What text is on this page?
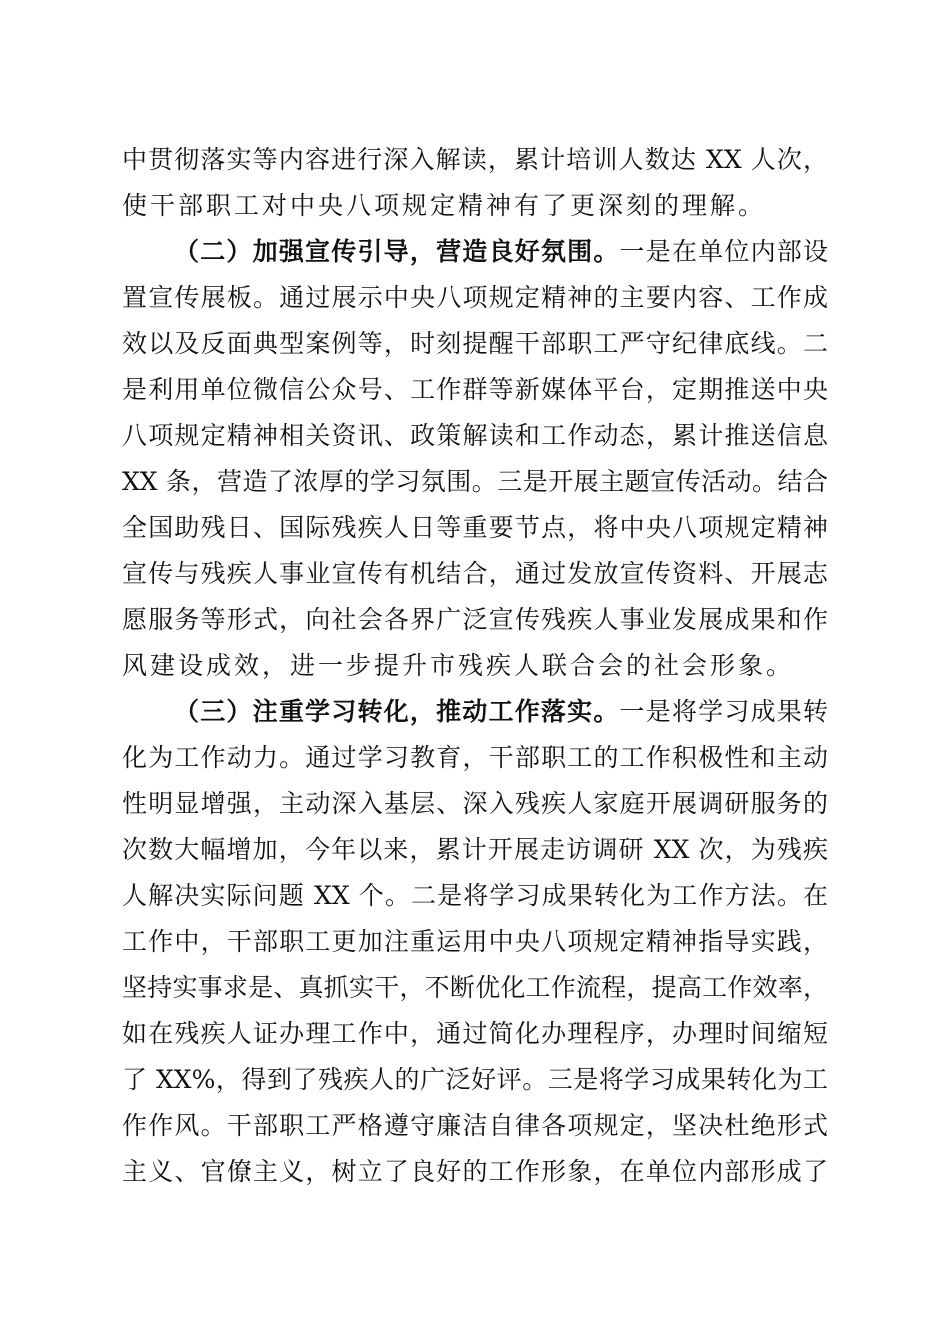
中贯彻落实等内容进行深入解读，累计培训人数达 XX 人次，
使干部职工对中央八项规定精神有了更深刻的理解。
（二）加强宣传引导，营造良好氛围。一是在单位内部设
置宣传展板。通过展示中央八项规定精神的主要内容、工作成
效以及反面典型案例等，时刻提醒干部职工严守纪律底线。二
是利用单位微信公众号、工作群等新媒体平台，定期推送中央
八项规定精神相关资讯、政策解读和工作动态，累计推送信息
XX 条，营造了浓厚的学习氛围。三是开展主题宣传活动。结合
全国助残日、国际残疾人日等重要节点，将中央八项规定精神
宣传与残疾人事业宣传有机结合，通过发放宣传资料、开展志
愿服务等形式，向社会各界广泛宣传残疾人事业发展成果和作
风建设成效，进一步提升市残疾人联合会的社会形象。
（三）注重学习转化，推动工作落实。一是将学习成果转
化为工作动力。通过学习教育，干部职工的工作积极性和主动
性明显增强，主动深入基层、深入残疾人家庭开展调研服务的
次数大幅增加，今年以来，累计开展走访调研 XX 次，为残疾
人解决实际问题 XX 个。二是将学习成果转化为工作方法。在
工作中，干部职工更加注重运用中央八项规定精神指导实践，
坚持实事求是、真抓实干，不断优化工作流程，提高工作效率，
如在残疾人证办理工作中，通过简化办理程序，办理时间缩短
了 XX%，得到了残疾人的广泛好评。三是将学习成果转化为工
作作风。干部职工严格遵守廉洁自律各项规定，坚决杜绝形式
主义、官僚主义，树立了良好的工作形象，在单位内部形成了
